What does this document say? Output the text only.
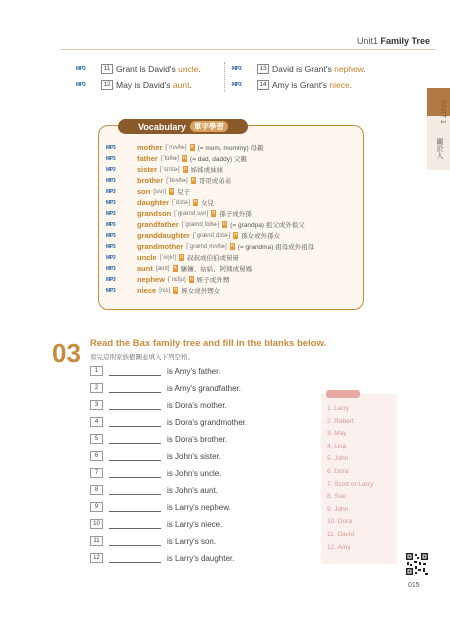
Unit1 Family Tree
MP3	11 Grant is David's uncle.
MP3	12 May is David's aunt.
MP3	13 David is Grant's nephew.
MP3	14 Amy is Grant's niece.
PART 1
關於人
Vocabulary	單字學習
MP3	mother [ˋmʌðɚ] n (= mom, mommy) 母親
MP3	father [ˋfɑðɚ] n (= dad, daddy) 父親
MP3	sister [ˋsɪstɚ] n 姊姊或妹妹
MP3	brother [ˋbrʌðɚ] n 哥哥或弟弟
MP3	son [sʌn] n 兒子
MP3	daughter [ˋdɔtɚ] n 女兒
MP3	grandson [ˋgrænd͵sʌn] n 孫子或外孫
MP3	grandfather [ˋgrænd͵fɑðɚ] n (= grandpa) 祖父或外祖父
MP3	granddaughter [ˋgrænd͵dɔtɚ] n 孫女或外孫女
MP3	grandmother [ˋgrænd͵mʌðɚ] n (= grandma) 祖母或外祖母
MP3	uncle [ˋʌŋk!] n 叔叔或伯伯或舅舅
MP3	aunt [ænt] n 嬸嬸、姑姑、阿姨或舅媽
MP3	nephew [ˋnɛfju] n 姪子或外甥
MP3	niece [nis] n 姪女或外甥女
03 Read the Bax family tree and fill in the blanks below.
看完這則家族樹圖並填入下列空格。
1	is Amy's father.
2	is Amy's grandfather.
3	is Dora's mother.
4	is Dora's grandmother.
5	is Dora's brother.
6	is John's sister.
7	is John's uncle.
8	is John's aunt.
9	is Larry's nephew.
10	is Larry's niece.
11	is Larry's son.
12	is Larry's daughter.
1. Larry
2. Robert
3. May
4. Lisa
5. John
6. Dora
7. Scott or Larry
8. Sue
9. John
10. Dora
11. David
12. Amy
015
